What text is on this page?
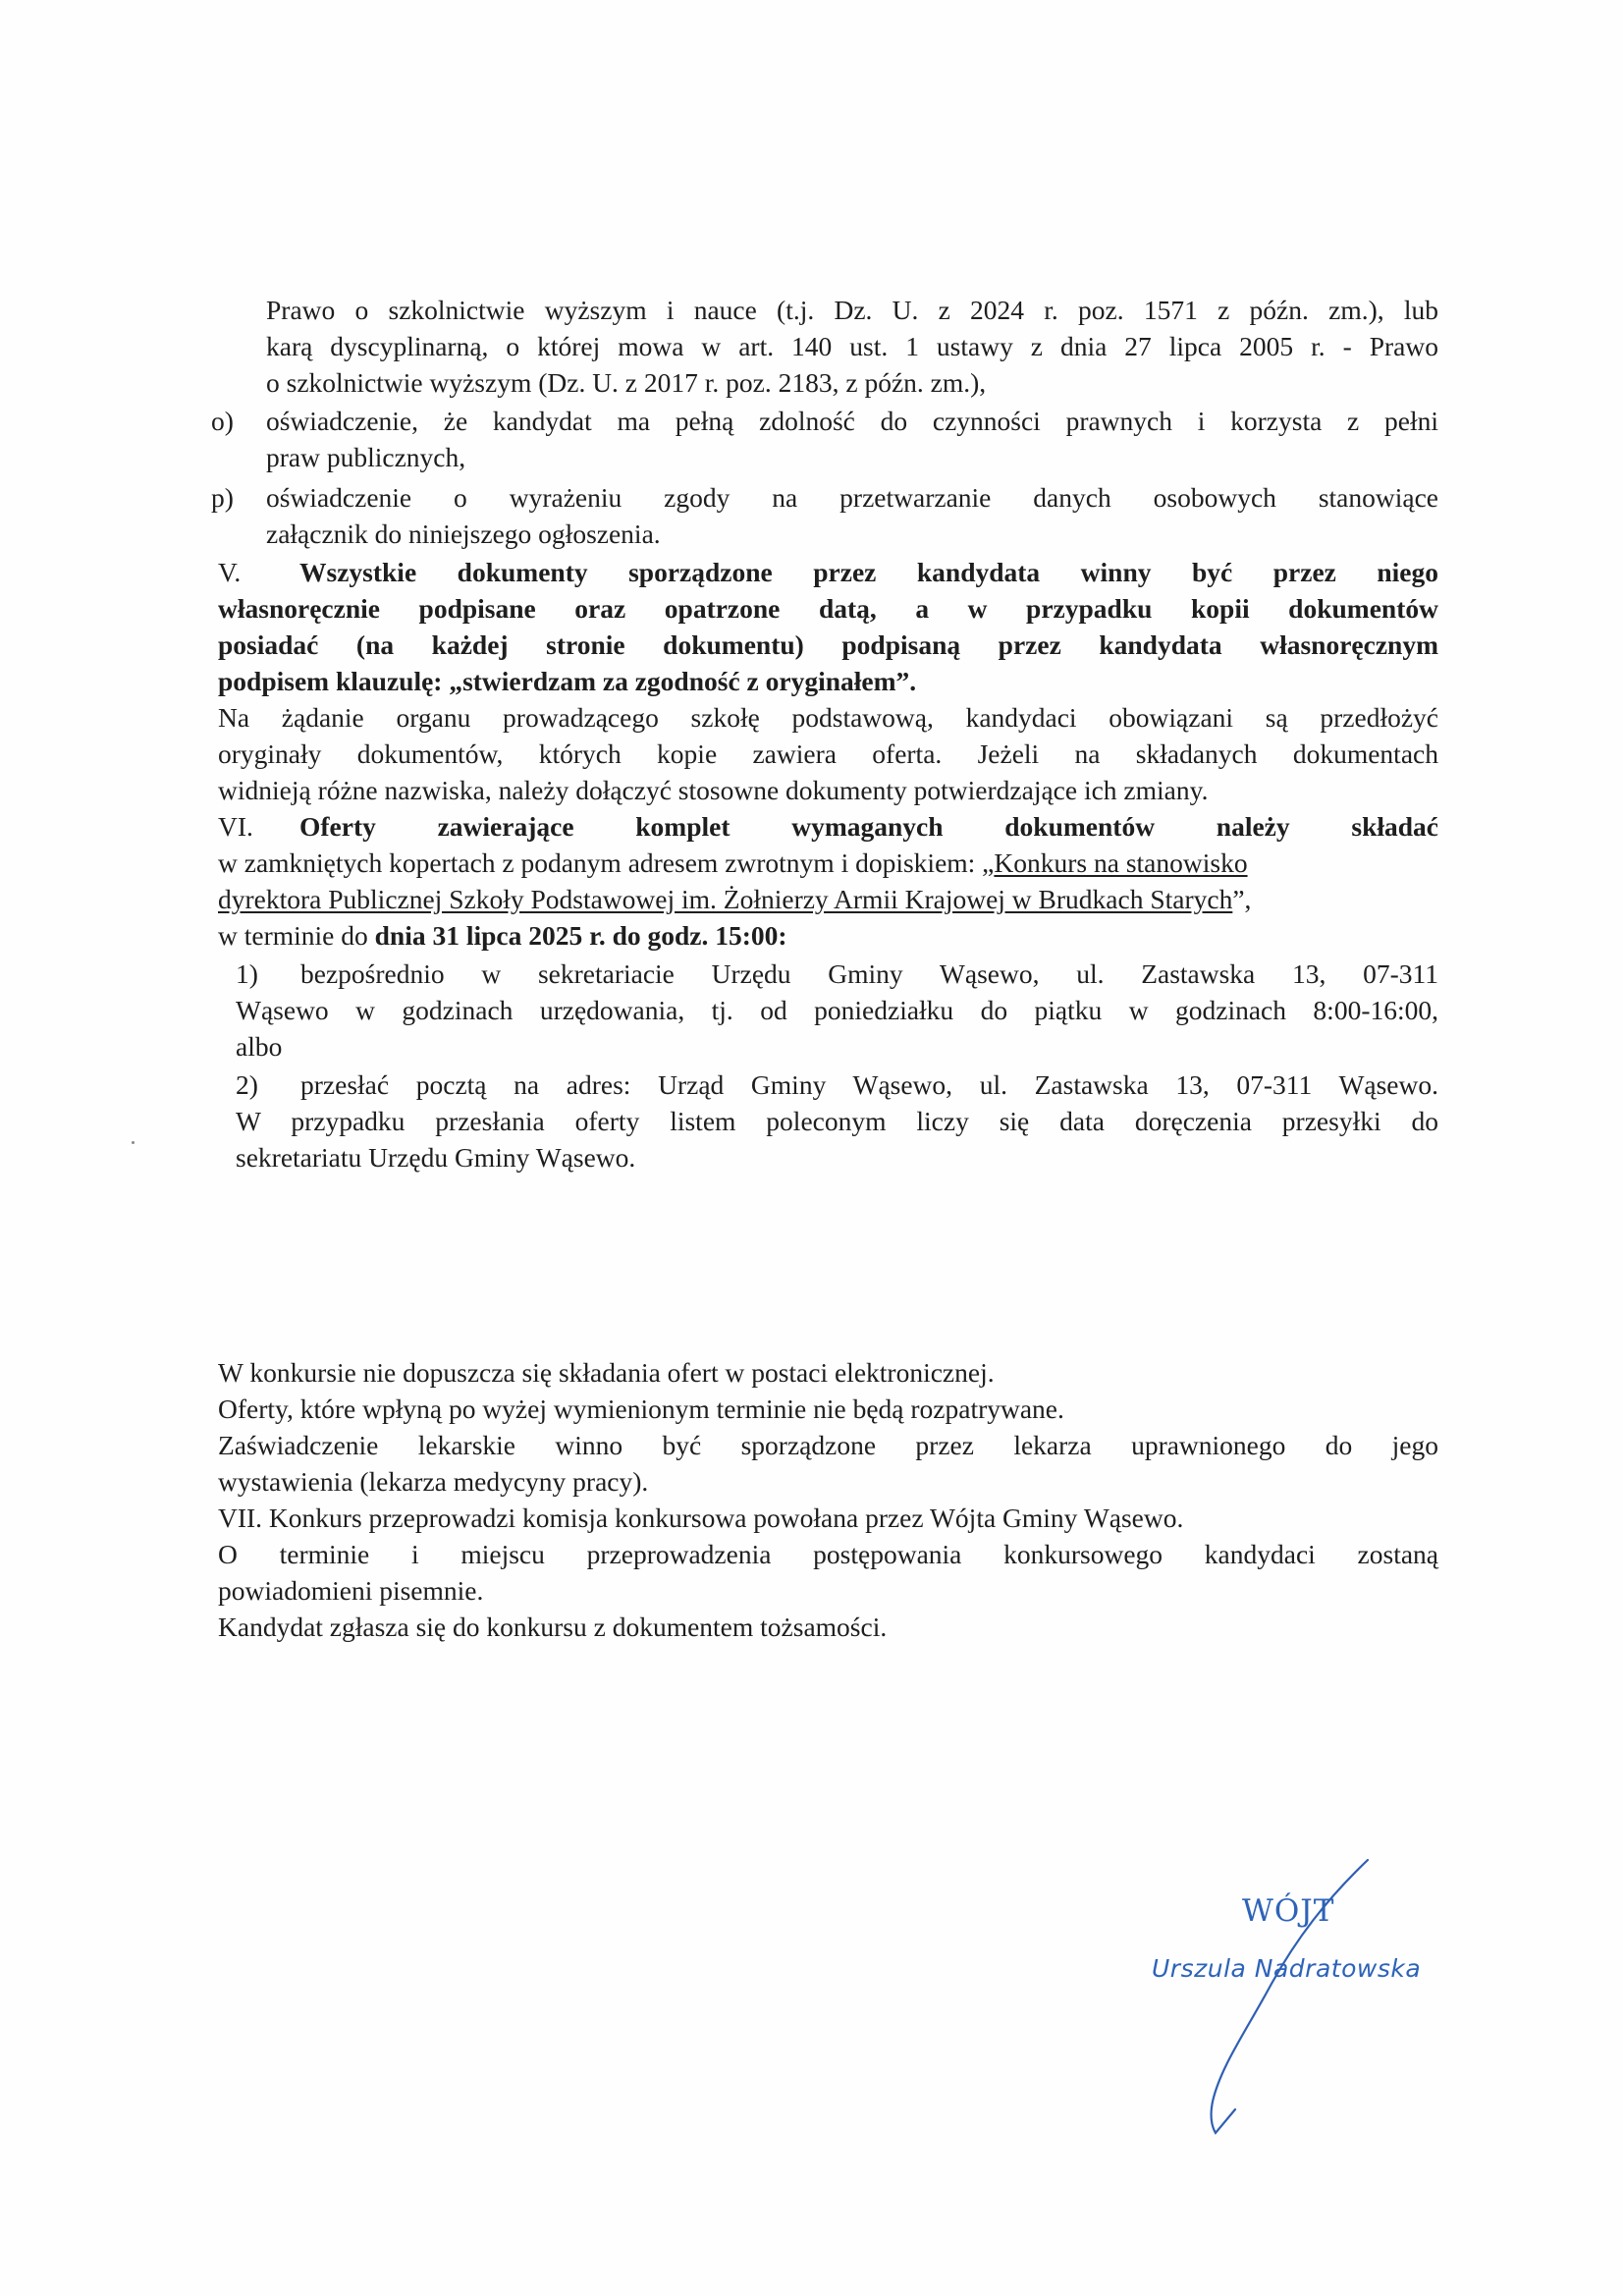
Prawo o szkolnictwie wyższym i nauce (t.j. Dz. U. z 2024 r. poz. 1571 z późn. zm.), lub
karą dyscyplinarną, o której mowa w art. 140 ust. 1 ustawy z dnia 27 lipca 2005 r. - Prawo
o szkolnictwie wyższym (Dz. U. z 2017 r. poz. 2183, z późn. zm.),
o) oświadczenie, że kandydat ma pełną zdolność do czynności prawnych i korzysta z pełni
praw publicznych,
p) oświadczenie o wyrażeniu zgody na przetwarzanie danych osobowych stanowiące
załącznik do niniejszego ogłoszenia.
V. Wszystkie dokumenty sporządzone przez kandydata winny być przez niego
własnoręcznie podpisane oraz opatrzone datą, a w przypadku kopii dokumentów
posiadać (na każdej stronie dokumentu) podpisaną przez kandydata własnoręcznym
podpisem klauzulę: „stwierdzam za zgodność z oryginałem”.
Na żądanie organu prowadzącego szkołę podstawową, kandydaci obowiązani są przedłożyć
oryginały dokumentów, których kopie zawiera oferta. Jeżeli na składanych dokumentach
widnieją różne nazwiska, należy dołączyć stosowne dokumenty potwierdzające ich zmiany.
VI. Oferty zawierające komplet wymaganych dokumentów należy składać
w zamkniętych kopertach z podanym adresem zwrotnym i dopiskiem: „Konkurs na stanowisko
dyrektora Publicznej Szkoły Podstawowej im. Żołnierzy Armii Krajowej w Brudkach Starych”,
w terminie do dnia 31 lipca 2025 r. do godz. 15:00:
1) bezpośrednio w sekretariacie Urzędu Gminy Wąsewo, ul. Zastawska 13, 07-311
Wąsewo w godzinach urzędowania, tj. od poniedziałku do piątku w godzinach 8:00-16:00,
albo
2) przesłać pocztą na adres: Urząd Gminy Wąsewo, ul. Zastawska 13, 07-311 Wąsewo.
W przypadku przesłania oferty listem poleconym liczy się data doręczenia przesyłki do
sekretariatu Urzędu Gminy Wąsewo.
W konkursie nie dopuszcza się składania ofert w postaci elektronicznej.
Oferty, które wpłyną po wyżej wymienionym terminie nie będą rozpatrywane.
Zaświadczenie lekarskie winno być sporządzone przez lekarza uprawnionego do jego
wystawienia (lekarza medycyny pracy).
VII. Konkurs przeprowadzi komisja konkursowa powołana przez Wójta Gminy Wąsewo.
O terminie i miejscu przeprowadzenia postępowania konkursowego kandydaci zostaną
powiadomieni pisemnie.
Kandydat zgłasza się do konkursu z dokumentem tożsamości.
WÓJT
Urszula Nadratowska
